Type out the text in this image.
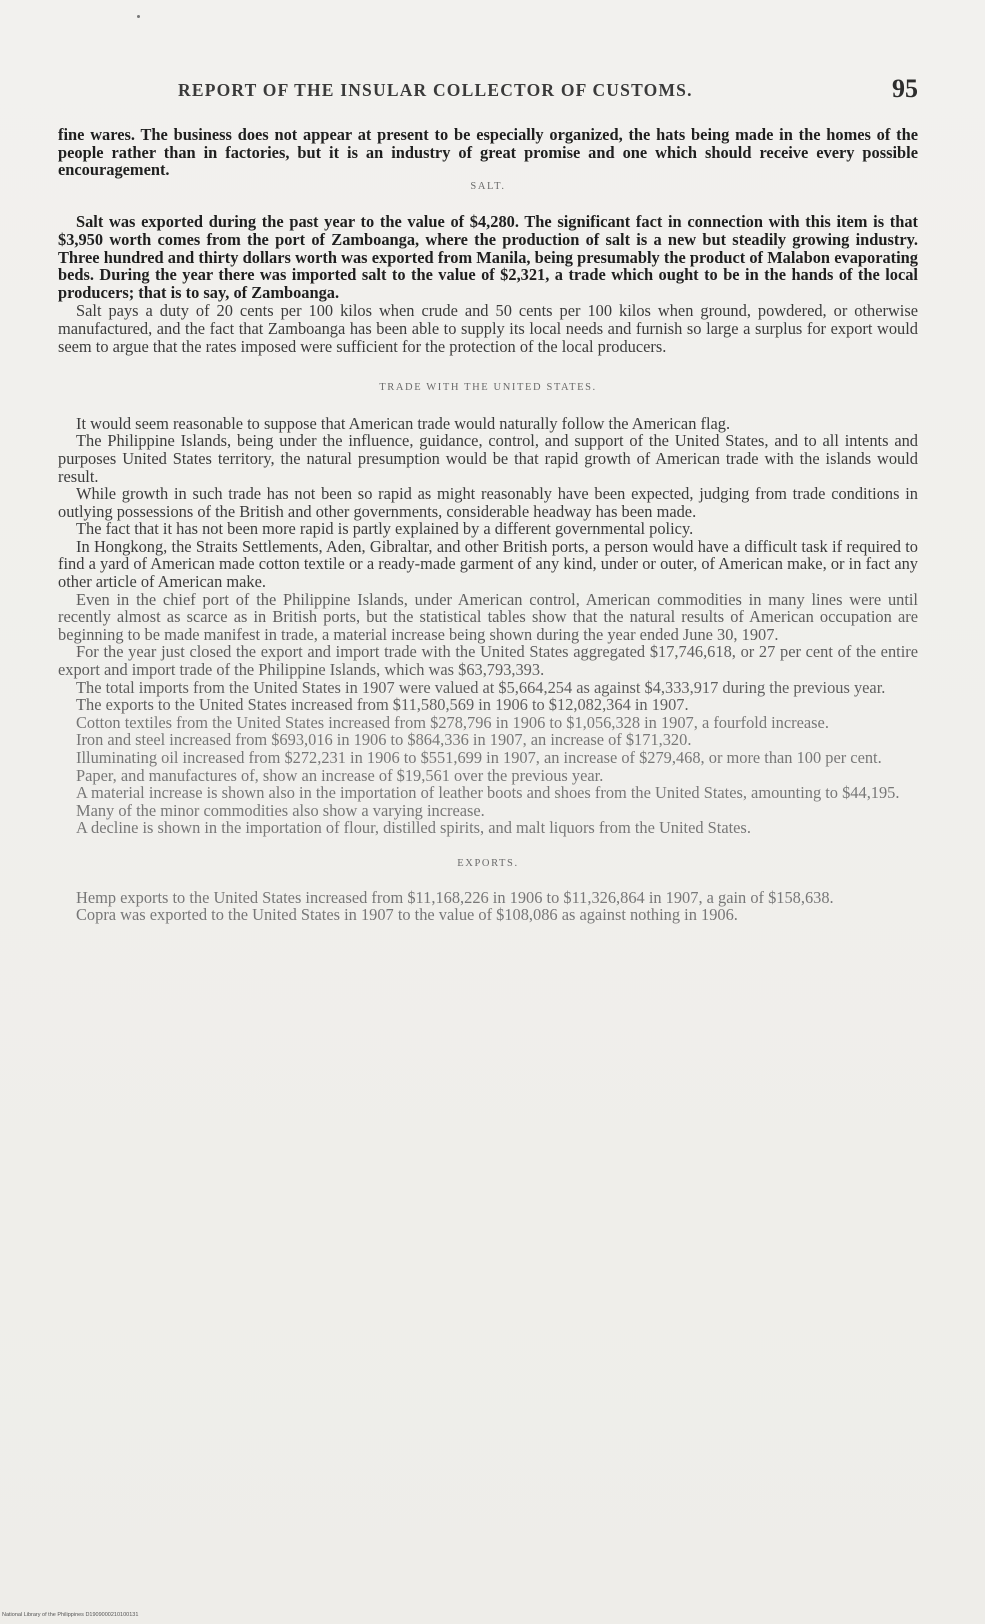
REPORT OF THE INSULAR COLLECTOR OF CUSTOMS.	95

fine wares. The business does not appear at present to be especially organized, the hats being made in the homes of the people rather than in factories, but it is an industry of great promise and one which should receive every possible encouragement.

SALT.

Salt was exported during the past year to the value of $4,280. The significant fact in connection with this item is that $3,950 worth comes from the port of Zamboanga, where the production of salt is a new but steadily growing industry. Three hundred and thirty dollars worth was exported from Manila, being presumably the product of Malabon evaporating beds. During the year there was imported salt to the value of $2,321, a trade which ought to be in the hands of the local producers; that is to say, of Zamboanga.

Salt pays a duty of 20 cents per 100 kilos when crude and 50 cents per 100 kilos when ground, powdered, or otherwise manufactured, and the fact that Zamboanga has been able to supply its local needs and furnish so large a surplus for export would seem to argue that the rates imposed were sufficient for the protection of the local producers.

TRADE WITH THE UNITED STATES.

It would seem reasonable to suppose that American trade would naturally follow the American flag.

The Philippine Islands, being under the influence, guidance, control, and support of the United States, and to all intents and purposes United States territory, the natural presumption would be that rapid growth of American trade with the islands would result.

While growth in such trade has not been so rapid as might reasonably have been expected, judging from trade conditions in outlying possessions of the British and other governments, considerable headway has been made.

The fact that it has not been more rapid is partly explained by a different governmental policy.

In Hongkong, the Straits Settlements, Aden, Gibraltar, and other British ports, a person would have a difficult task if required to find a yard of American made cotton textile or a ready-made garment of any kind, under or outer, of American make, or in fact any other article of American make.

Even in the chief port of the Philippine Islands, under American control, American commodities in many lines were until recently almost as scarce as in British ports, but the statistical tables show that the natural results of American occupation are beginning to be made manifest in trade, a material increase being shown during the year ended June 30, 1907.

For the year just closed the export and import trade with the United States aggregated $17,746,618, or 27 per cent of the entire export and import trade of the Philippine Islands, which was $63,793,393.

The total imports from the United States in 1907 were valued at $5,664,254 as against $4,333,917 during the previous year.

The exports to the United States increased from $11,580,569 in 1906 to $12,082,364 in 1907.

Cotton textiles from the United States increased from $278,796 in 1906 to $1,056,328 in 1907, a fourfold increase.

Iron and steel increased from $693,016 in 1906 to $864,336 in 1907, an increase of $171,320.

Illuminating oil increased from $272,231 in 1906 to $551,699 in 1907, an increase of $279,468, or more than 100 per cent.

Paper, and manufactures of, show an increase of $19,561 over the previous year.

A material increase is shown also in the importation of leather boots and shoes from the United States, amounting to $44,195.

Many of the minor commodities also show a varying increase.

A decline is shown in the importation of flour, distilled spirits, and malt liquors from the United States.

EXPORTS.

Hemp exports to the United States increased from $11,168,226 in 1906 to $11,326,864 in 1907, a gain of $158,638.

Copra was exported to the United States in 1907 to the value of $108,086 as against nothing in 1906.

National Library of the Philippines D1909000210100131
